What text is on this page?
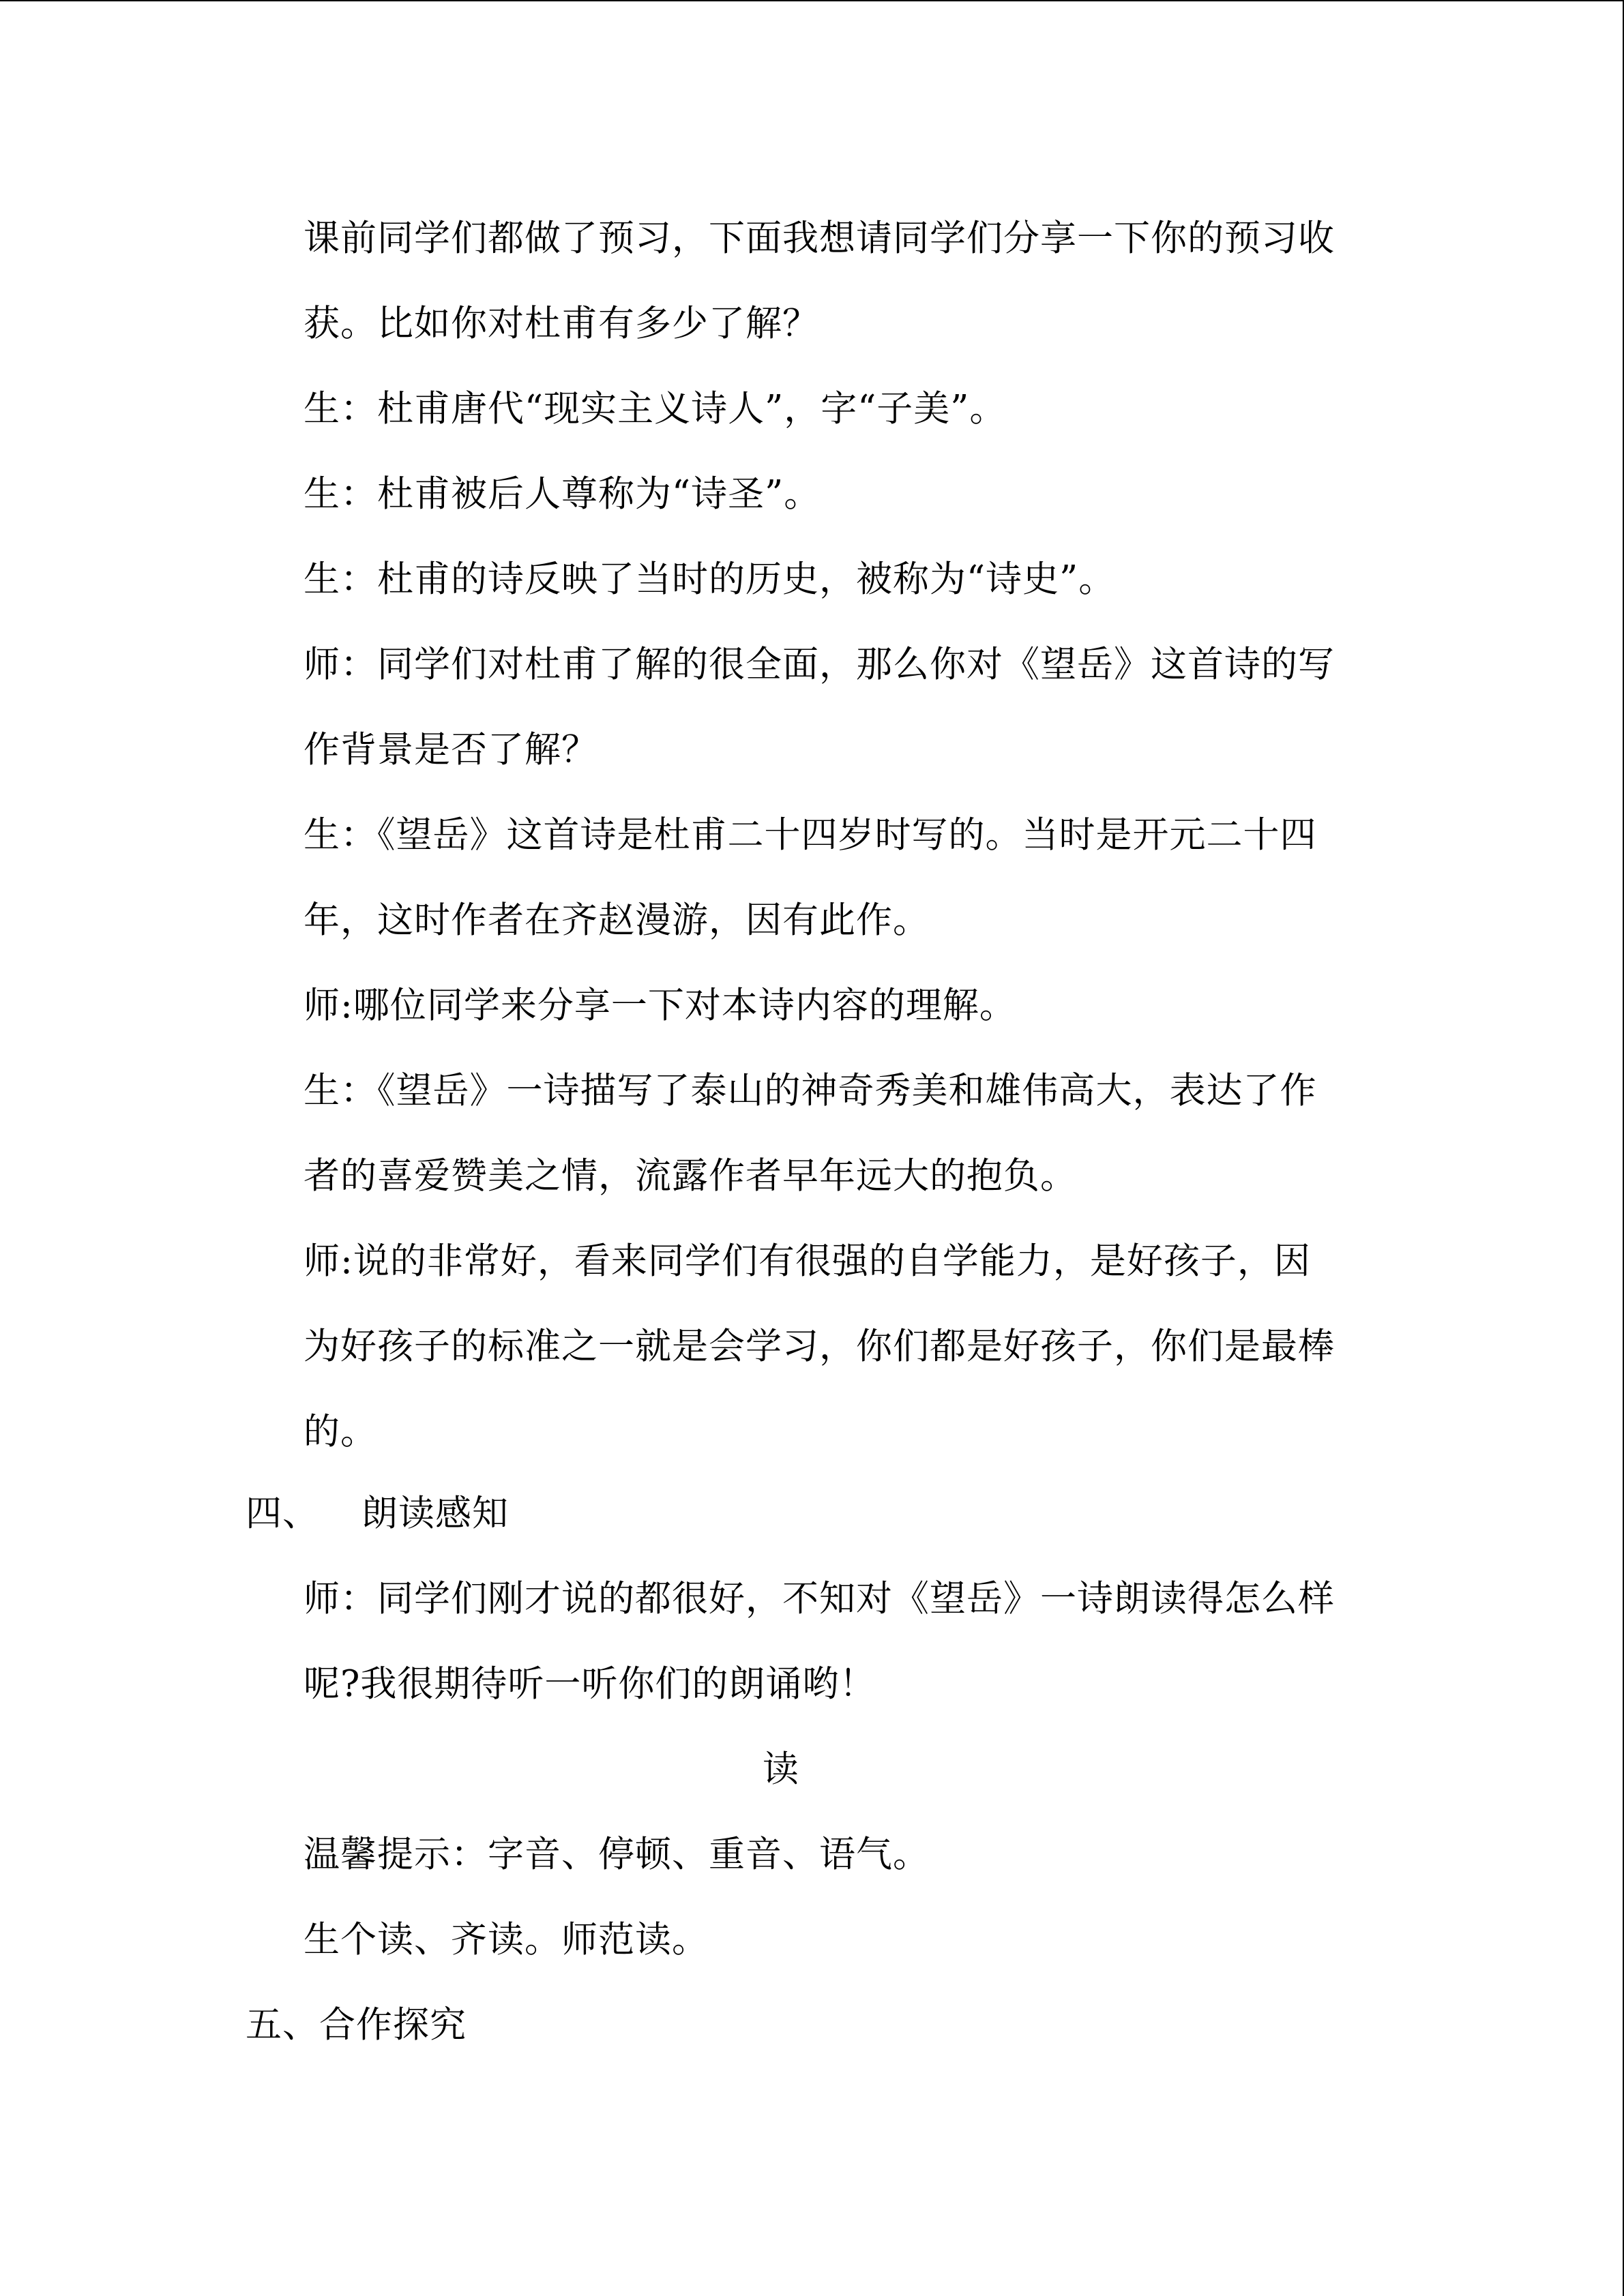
课前同学们都做了预习，下面我想请同学们分享一下你的预习收
获。比如你对杜甫有多少了解？
生：杜甫唐代“现实主义诗人”，字“子美”。
生：杜甫被后人尊称为“诗圣”。
生：杜甫的诗反映了当时的历史，被称为“诗史”。
师：同学们对杜甫了解的很全面，那么你对《望岳》这首诗的写
作背景是否了解？
生：《望岳》这首诗是杜甫二十四岁时写的。当时是开元二十四
年，这时作者在齐赵漫游，因有此作。
师:哪位同学来分享一下对本诗内容的理解。
生：《望岳》一诗描写了泰山的神奇秀美和雄伟高大，表达了作
者的喜爱赞美之情，流露作者早年远大的抱负。
师:说的非常好，看来同学们有很强的自学能力，是好孩子，因
为好孩子的标准之一就是会学习，你们都是好孩子，你们是最棒
的。
四、 朗读感知
师：同学们刚才说的都很好，不知对《望岳》一诗朗读得怎么样
呢?我很期待听一听你们的朗诵哟！
读
温馨提示：字音、停顿、重音、语气。
生个读、齐读。师范读。
五、合作探究
